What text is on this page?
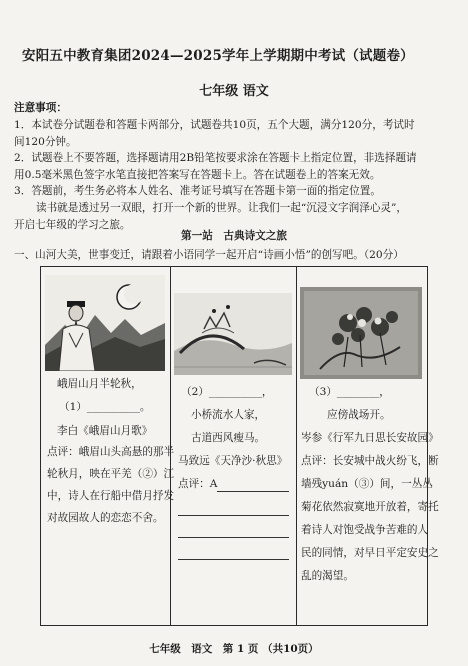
安阳五中教育集团2024—2025学年上学期期中考试（试题卷）
七年级 语文
注意事项：
1．本试卷分试题卷和答题卡两部分，试题卷共10页，五个大题，满分120分，考试时
间120分钟。
2．试题卷上不要答题，选择题请用2B铅笔按要求涂在答题卡上指定位置，非选择题请
用0.5毫米黑色签字水笔直接把答案写在答题卡上。答在试题卷上的答案无效。
3．答题前，考生务必将本人姓名、准考证号填写在答题卡第一面的指定位置。
读书就是透过另一双眼，打开一个新的世界。让我们一起“沉浸文字润泽心灵”，
开启七年级的学习之旅。
第一站　古典诗文之旅
一、山河大美，世事变迁，请跟着小语同学一起开启“诗画小悟”的创写吧。（20分）
峨眉山月半轮秋，
（1）__________。
李白《峨眉山月歌》
点评：峨眉山头高悬的那半
轮秋月，映在平羌（②）江
中，诗人在行船中借月抒发
对故园故人的恋恋不舍。
（2）__________，
小桥流水人家，
古道西风瘦马。
马致远《天净沙·秋思》
点评：A
（3）________，
应傍战场开。
岑参《行军九日思长安故园》
点评：长安城中战火纷飞，断
墙残yuán（③）间，一丛丛
菊花依然寂寞地开放着，寄托
着诗人对饱受战争苦难的人
民的同情，对早日平定安史之
乱的渴望。
七年级　语文　第 1 页 （共10页）
